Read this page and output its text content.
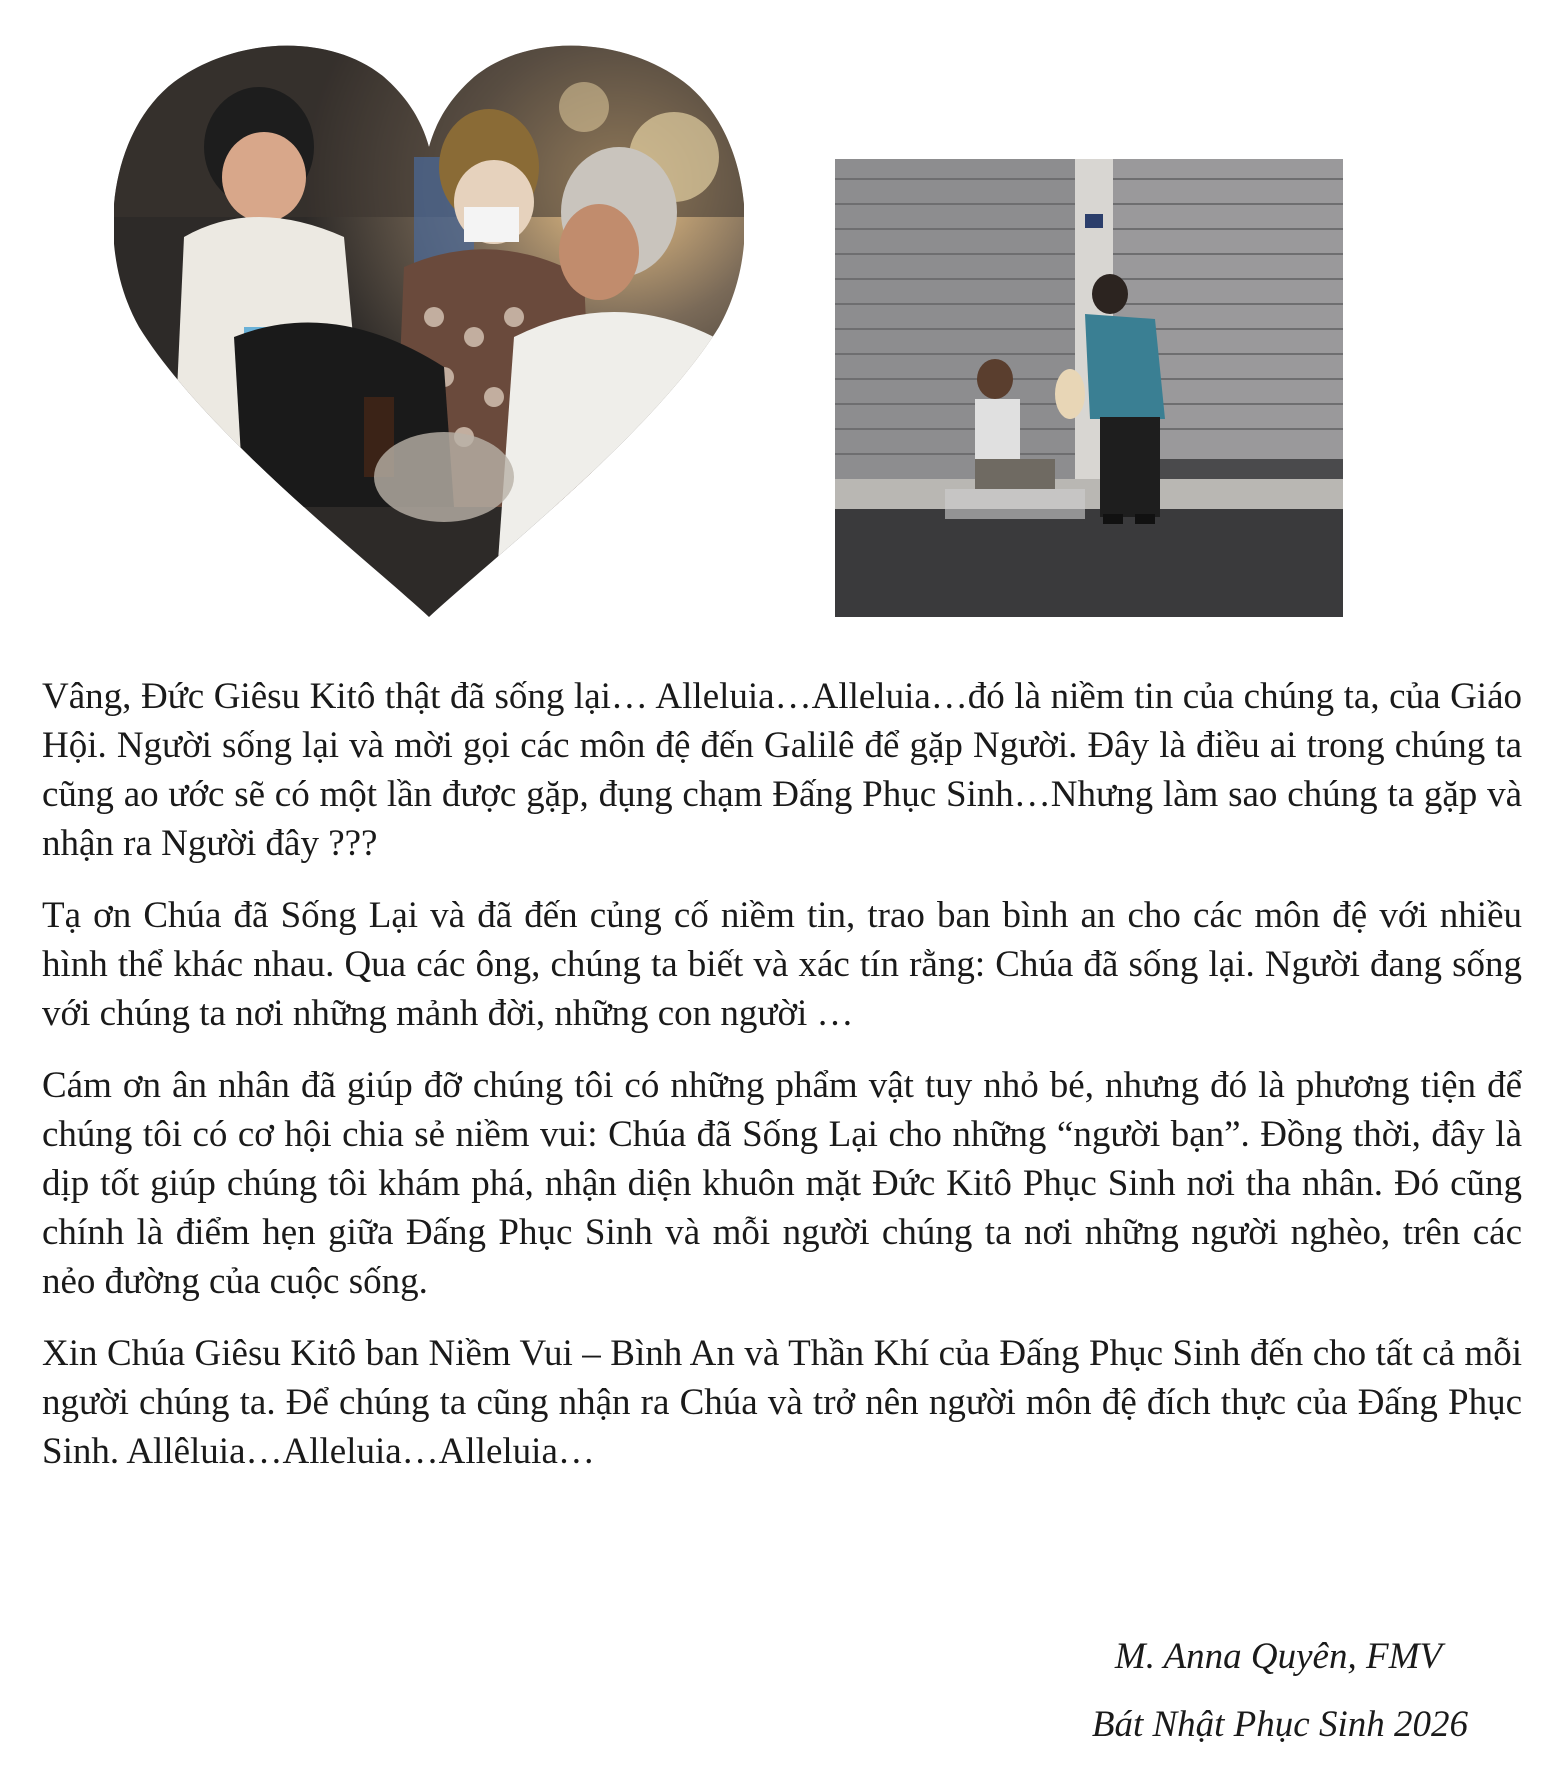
Vâng, Đức Giêsu Kitô thật đã sống lại… Alleluia…Alleluia…đó là niềm tin của chúng ta, của Giáo Hội. Người sống lại và mời gọi các môn đệ đến Galilê để gặp Người. Đây là điều ai trong chúng ta cũng ao ước sẽ có một lần được gặp, đụng chạm Đấng Phục Sinh…Nhưng làm sao chúng ta gặp và nhận ra Người đây ???

Tạ ơn Chúa đã Sống Lại và đã đến củng cố niềm tin, trao ban bình an cho các môn đệ với nhiều hình thể khác nhau. Qua các ông, chúng ta biết và xác tín rằng: Chúa đã sống lại. Người đang sống với chúng ta nơi những mảnh đời, những con người …

Cám ơn ân nhân đã giúp đỡ chúng tôi có những phẩm vật tuy nhỏ bé, nhưng đó là phương tiện để chúng tôi có cơ hội chia sẻ niềm vui: Chúa đã Sống Lại cho những “người bạn”. Đồng thời, đây là dịp tốt giúp chúng tôi khám phá, nhận diện khuôn mặt Đức Kitô Phục Sinh nơi tha nhân. Đó cũng chính là điểm hẹn giữa Đấng Phục Sinh và mỗi người chúng ta nơi những người nghèo, trên các nẻo đường của cuộc sống.

Xin Chúa Giêsu Kitô ban Niềm Vui – Bình An và Thần Khí của Đấng Phục Sinh đến cho tất cả mỗi người chúng ta. Để chúng ta cũng nhận ra Chúa và trở nên người môn đệ đích thực của Đấng Phục Sinh. Allêluia…Alleluia…Alleluia…

M. Anna Quyên, FMV
Bát Nhật Phục Sinh 2026
